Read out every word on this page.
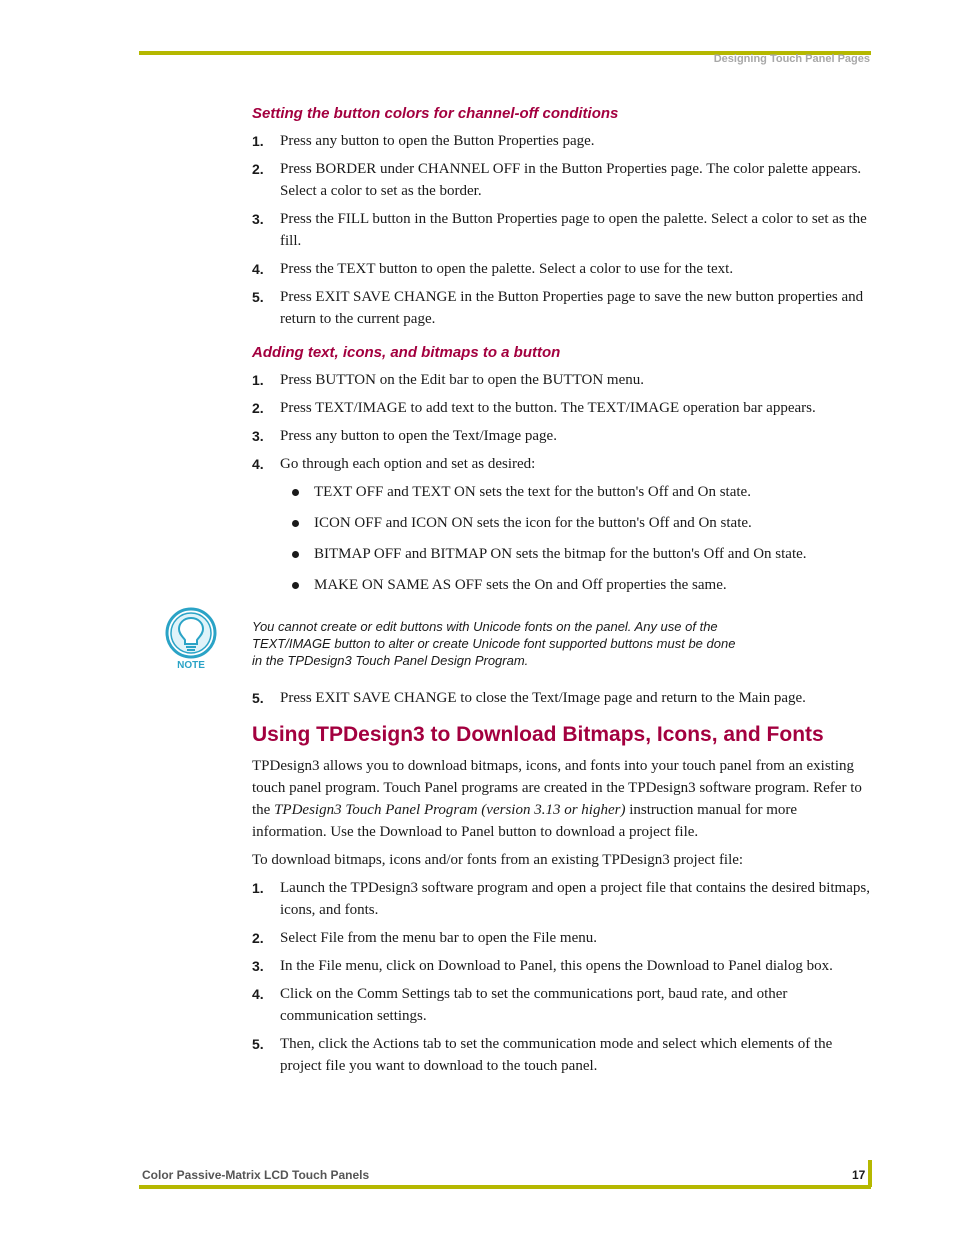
Designing Touch Panel Pages
Setting the button colors for channel-off conditions
1. Press any button to open the Button Properties page.
2. Press BORDER under CHANNEL OFF in the Button Properties page. The color palette appears. Select a color to set as the border.
3. Press the FILL button in the Button Properties page to open the palette. Select a color to set as the fill.
4. Press the TEXT button to open the palette. Select a color to use for the text.
5. Press EXIT SAVE CHANGE in the Button Properties page to save the new button properties and return to the current page.
Adding text, icons, and bitmaps to a button
1. Press BUTTON on the Edit bar to open the BUTTON menu.
2. Press TEXT/IMAGE to add text to the button. The TEXT/IMAGE operation bar appears.
3. Press any button to open the Text/Image page.
4. Go through each option and set as desired:
TEXT OFF and TEXT ON sets the text for the button's Off and On state.
ICON OFF and ICON ON sets the icon for the button's Off and On state.
BITMAP OFF and BITMAP ON sets the bitmap for the button's Off and On state.
MAKE ON SAME AS OFF sets the On and Off properties the same.
NOTE
You cannot create or edit buttons with Unicode fonts on the panel. Any use of the
TEXT/IMAGE button to alter or create Unicode font supported buttons must be done
in the TPDesign3 Touch Panel Design Program.
5. Press EXIT SAVE CHANGE to close the Text/Image page and return to the Main page.
Using TPDesign3 to Download Bitmaps, Icons, and Fonts

TPDesign3 allows you to download bitmaps, icons, and fonts into your touch panel from an existing touch panel program. Touch Panel programs are created in the TPDesign3 software program. Refer to the TPDesign3 Touch Panel Program (version 3.13 or higher) instruction manual for more information. Use the Download to Panel button to download a project file.

To download bitmaps, icons and/or fonts from an existing TPDesign3 project file:

1. Launch the TPDesign3 software program and open a project file that contains the desired bitmaps, icons, and fonts.
2. Select File from the menu bar to open the File menu.
3. In the File menu, click on Download to Panel, this opens the Download to Panel dialog box.
4. Click on the Comm Settings tab to set the communications port, baud rate, and other communication settings.
5. Then, click the Actions tab to set the communication mode and select which elements of the project file you want to download to the touch panel.
Color Passive-Matrix LCD Touch Panels	17
